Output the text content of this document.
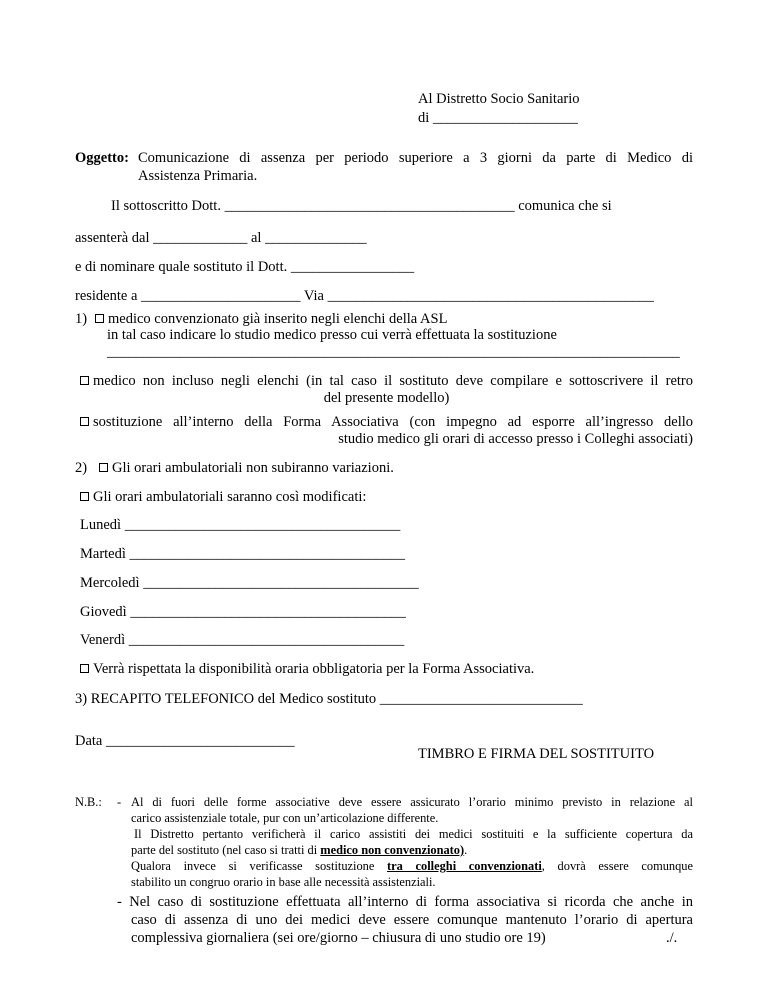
Al Distretto Socio Sanitario
di ____________________
Oggetto: Comunicazione di assenza per periodo superiore a 3 giorni da parte di Medico di
Assistenza Primaria.
Il sottoscritto Dott. ________________________________________ comunica che si
assenterà dal _____________ al ______________
e di nominare quale sostituto il Dott. _________________
residente a ______________________ Via _____________________________________________
1)	medico convenzionato già inserito negli elenchi della ASL
in tal caso indicare lo studio medico presso cui verrà effettuata la sostituzione
_______________________________________________________________________________
medico non incluso negli elenchi (in tal caso il sostituto deve compilare e sottoscrivere il retro
del presente modello)
sostituzione all’interno della Forma Associativa (con impegno ad esporre all’ingresso dello
studio medico gli orari di accesso presso i Colleghi associati)
2)	Gli orari ambulatoriali non subiranno variazioni.
Gli orari ambulatoriali saranno così modificati:
Lunedì ______________________________________
Martedì ______________________________________
Mercoledì ______________________________________
Giovedì ______________________________________
Venerdì ______________________________________
Verrà rispettata la disponibilità oraria obbligatoria per la Forma Associativa.
3) RECAPITO TELEFONICO del Medico sostituto ____________________________
Data __________________________
TIMBRO E FIRMA DEL SOSTITUITO
N.B.: - Al di fuori delle forme associative deve essere assicurato l’orario minimo previsto in relazione al
carico assistenziale totale, pur con un’articolazione differente.
Il Distretto pertanto verificherà il carico assistiti dei medici sostituiti e la sufficiente copertura da
parte del sostituto (nel caso si tratti di medico non convenzionato).
Qualora invece si verificasse sostituzione tra colleghi convenzionati, dovrà essere comunque
stabilito un congruo orario in base alle necessità assistenziali.
- Nel caso di sostituzione effettuata all’interno di forma associativa si ricorda che anche in
caso di assenza di uno dei medici deve essere comunque mantenuto l’orario di apertura
complessiva giornaliera (sei ore/giorno – chiusura di uno studio ore 19)	./.
